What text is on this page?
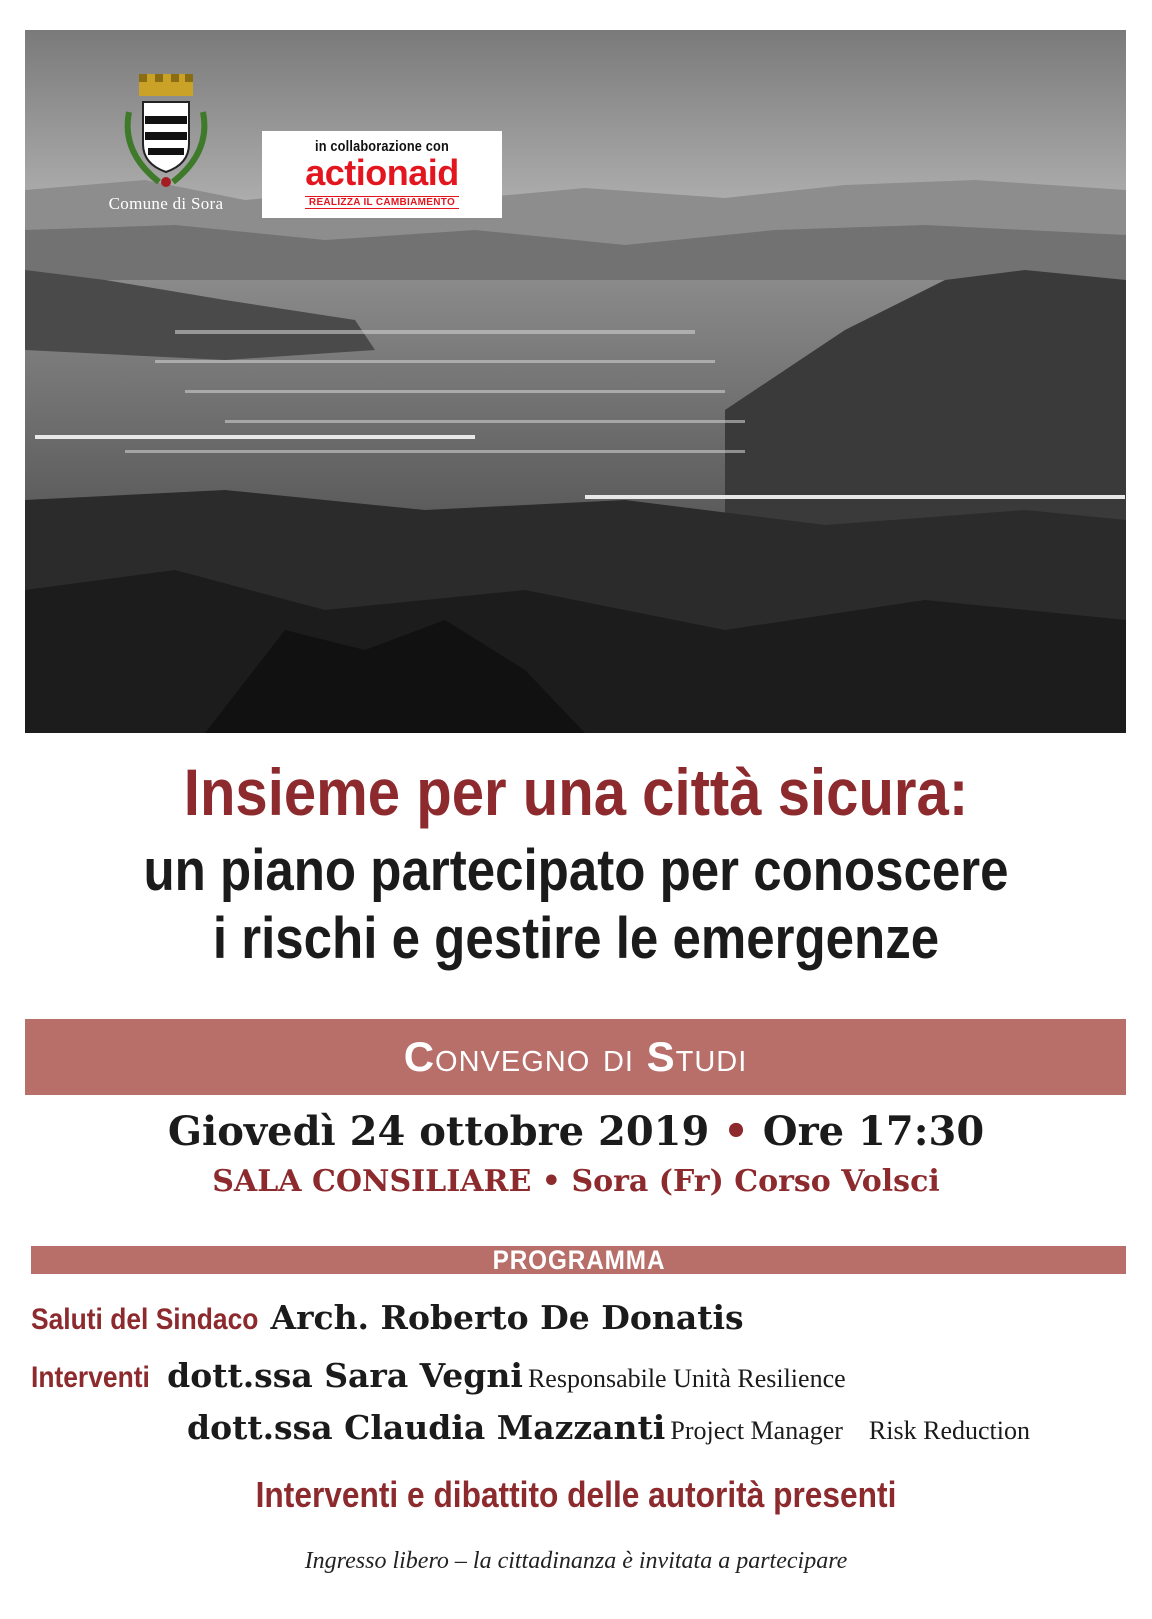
Comune di Sora
in collaborazione con
actionaid
REALIZZA IL CAMBIAMENTO
Insieme per una città sicura:
un piano partecipato per conoscere
i rischi e gestire le emergenze
Convegno di Studi
Giovedì 24 ottobre 2019 • Ore 17:30
SALA CONSILIARE • Sora (Fr) Corso Volsci
PROGRAMMA
Saluti del Sindaco Arch. Roberto De Donatis
Interventi dott.ssa Sara Vegni Responsabile Unità Resilience
dott.ssa Claudia Mazzanti Project Manager    Risk Reduction
Interventi e dibattito delle autorità presenti
Ingresso libero – la cittadinanza è invitata a partecipare
